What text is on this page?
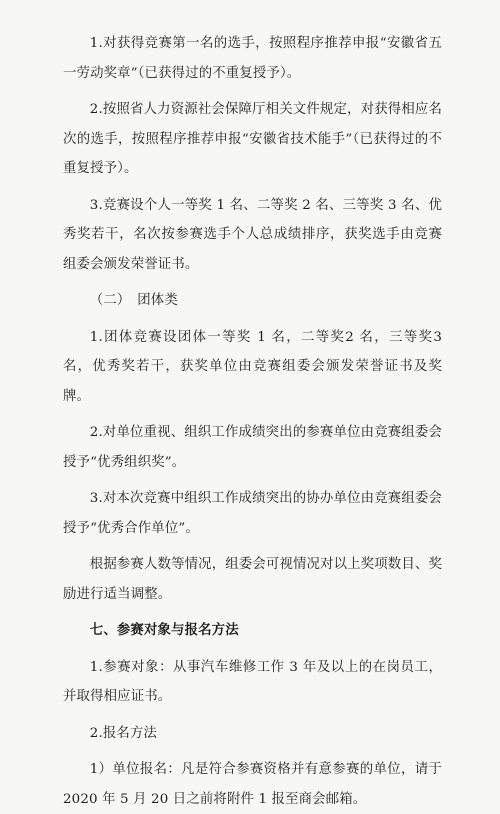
1.对获得竞赛第一名的选手，按照程序推荐申报“安徽省五一劳动奖章”（已获得过的不重复授予）。

2.按照省人力资源社会保障厅相关文件规定，对获得相应名次的选手，按照程序推荐申报“安徽省技术能手”（已获得过的不重复授予）。

3.竞赛设个人一等奖 1 名、二等奖 2 名、三等奖 3 名、优秀奖若干，名次按参赛选手个人总成绩排序，获奖选手由竞赛组委会颁发荣誉证书。

（二）　团体类

1.团体竞赛设团体一等奖 1 名，二等奖2 名，三等奖3 名，优秀奖若干，获奖单位由竞赛组委会颁发荣誉证书及奖牌。

2.对单位重视、组织工作成绩突出的参赛单位由竞赛组委会授予“优秀组织奖”。

3.对本次竞赛中组织工作成绩突出的协办单位由竞赛组委会授予“优秀合作单位”。

根据参赛人数等情况，组委会可视情况对以上奖项数目、奖励进行适当调整。

七、参赛对象与报名方法

1.参赛对象：从事汽车维修工作 3 年及以上的在岗员工，并取得相应证书。

2.报名方法

1）单位报名：凡是符合参赛资格并有意参赛的单位，请于 2020 年 5 月 20 日之前将附件 1 报至商会邮箱。
